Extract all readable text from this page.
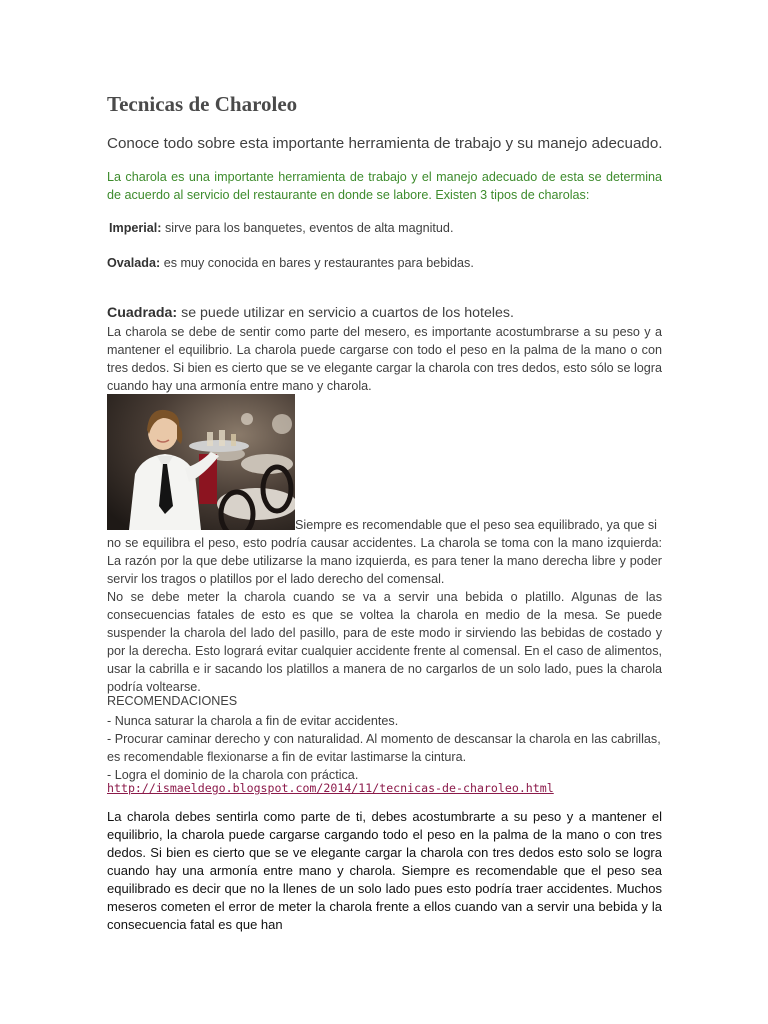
Tecnicas de Charoleo
Conoce todo sobre esta importante herramienta de trabajo y su manejo adecuado.
La charola es una importante herramienta de trabajo y el manejo adecuado de esta se determina de acuerdo al servicio del restaurante en donde se labore. Existen 3 tipos de charolas:
Imperial: sirve para los banquetes, eventos de alta magnitud.
Ovalada: es muy conocida en bares y restaurantes para bebidas.
Cuadrada: se puede utilizar en servicio a cuartos de los hoteles.
La charola se debe de sentir como parte del mesero, es importante acostumbrarse a su peso y a mantener el equilibrio. La charola puede cargarse con todo el peso en la palma de la mano o con tres dedos. Si bien es cierto que se ve elegante cargar la charola con tres dedos, esto sólo se logra cuando hay una armonía entre mano y charola.
Siempre es recomendable que el peso sea equilibrado, ya que si
no se equilibra el peso, esto podría causar accidentes. La charola se toma con la mano izquierda: La razón por la que debe utilizarse la mano izquierda, es para tener la mano derecha libre y poder servir los tragos o platillos por el lado derecho del comensal.
No se debe meter la charola cuando se va a servir una bebida o platillo. Algunas de las consecuencias fatales de esto es que se voltea la charola en medio de la mesa. Se puede suspender la charola del lado del pasillo, para de este modo ir sirviendo las bebidas de costado y por la derecha. Esto logrará evitar cualquier accidente frente al comensal. En el caso de alimentos, usar la cabrilla e ir sacando los platillos a manera de no cargarlos de un solo lado, pues la charola podría voltearse.
RECOMENDACIONES
- Nunca saturar la charola a fin de evitar accidentes.
- Procurar caminar derecho y con naturalidad. Al momento de descansar la charola en las cabrillas, es recomendable flexionarse a fin de evitar lastimarse la cintura.
- Logra el dominio de la charola con práctica.
http://ismaeldego.blogspot.com/2014/11/tecnicas-de-charoleo.html
La charola debes sentirla como parte de ti, debes acostumbrarte a su peso y a mantener el equilibrio, la charola puede cargarse cargando todo el peso en la palma de la mano o con tres dedos. Si bien es cierto que se ve elegante cargar la charola con tres dedos esto solo se logra cuando hay una armonía entre mano y charola. Siempre es recomendable que el peso sea equilibrado es decir que no la llenes de un solo lado pues esto podría traer accidentes. Muchos meseros cometen el error de meter la charola frente a ellos cuando van a servir una bebida y la consecuencia fatal es que han
